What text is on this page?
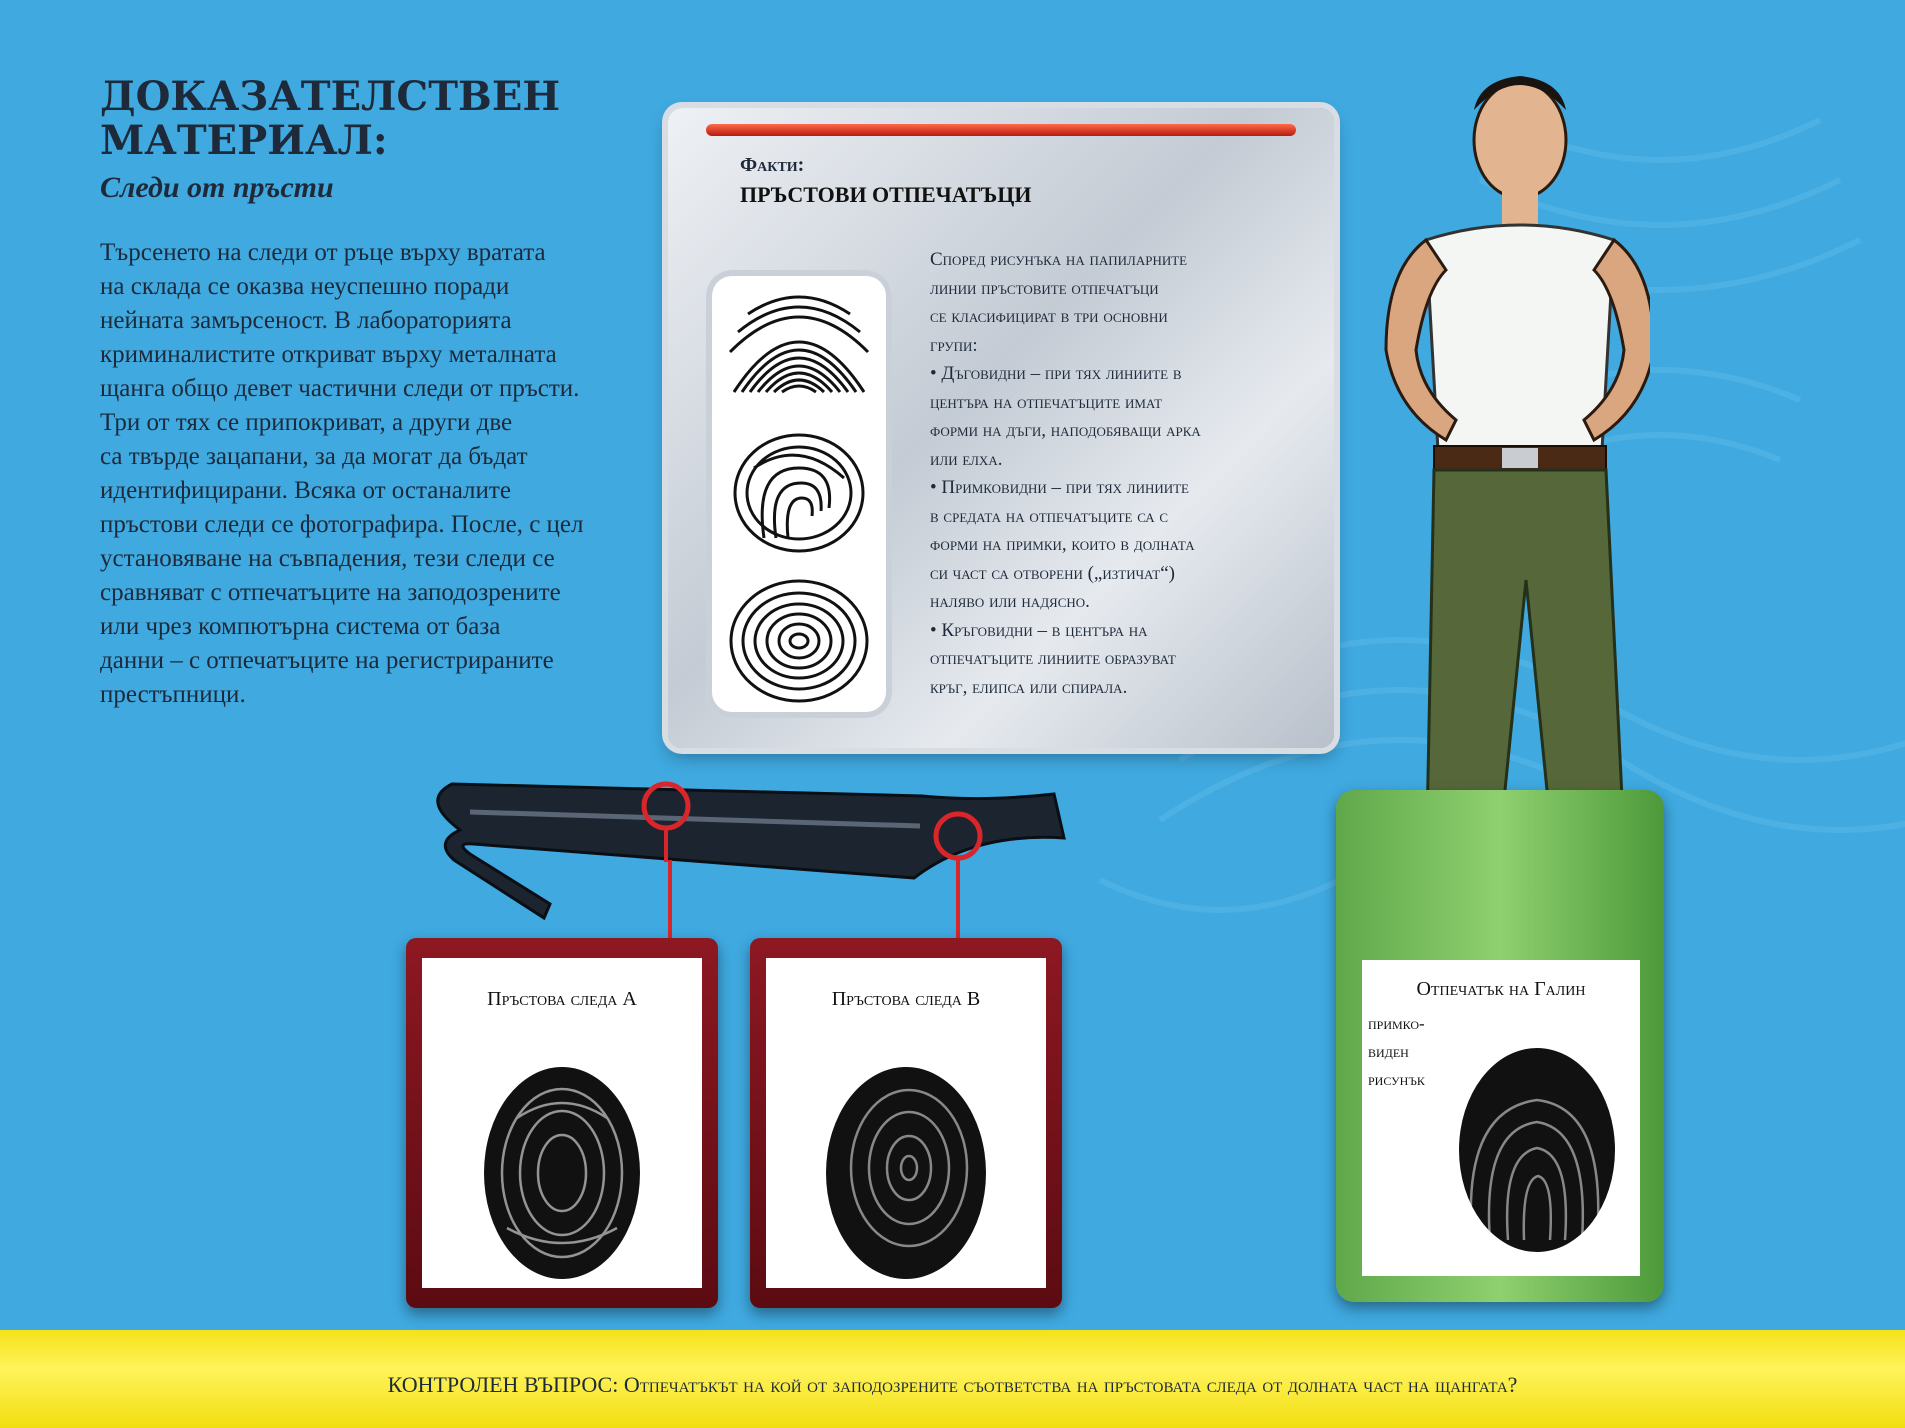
ДОКАЗАТЕЛСТВЕН
МАТЕРИАЛ:
Следи от пръсти

Търсенето на следи от ръце върху вратата

на склада се оказва неуспешно поради

нейната замърсеност. В лабораторията

криминалистите откриват върху металната

щанга общо девет частични следи от пръсти.

Три от тях се припокриват, а други две

са твърде зацапани, за да могат да бъдат

идентифицирани. Всяка от останалите

пръстови следи се фотографира. После, с цел

установяване на съвпадения, тези следи се

сравняват с отпечатъците на заподозрените

или чрез компютърна система от база

данни – с отпечатъците на регистрираните

престъпници.

Факти:
ПРЪСТОВИ ОТПЕЧАТЪЦИ

Според рисунъка на папиларните

линии пръстовите отпечатъци

се класифицират в три основни

групи:

• Дъговидни – при тях линиите в

центъра на отпечатъците имат

форми на дъги, наподобяващи арка

или елха.

• Примковидни – при тях линиите

в средата на отпечатъците са с

форми на примки, които в долната

си част са отворени („изтичат“)

наляво или надясно.

• Кръговидни – в центъра на

отпечатъците линиите образуват

кръг, елипса или спирала.

Пръстова следа А	Пръстова следа В	Отпечатък на Галин
примко-
виден
рисунък
КОНТРОЛЕН ВЪПРОС: Отпечатъкът на кой от заподозрените съответства на пръстовата следа от долната част на щангата?
